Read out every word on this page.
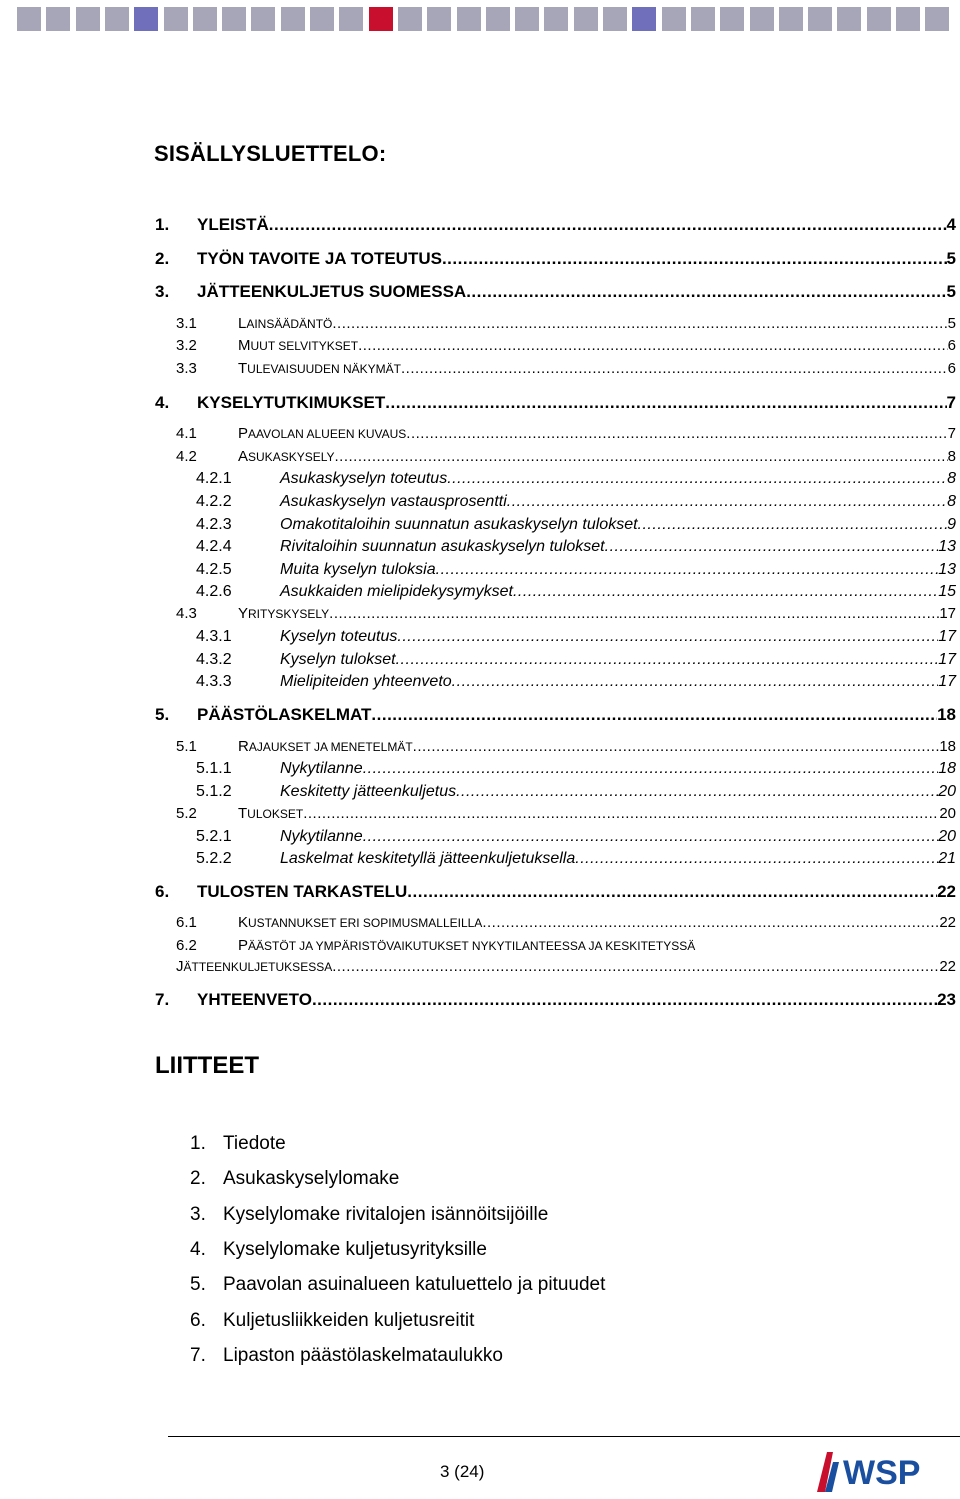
SISÄLLYSLUETTELO:
1. YLEISTÄ .....	4
2. TYÖN TAVOITE JA TOTEUTUS .....	5
3. JÄTTEENKULJETUS SUOMESSA .....	5
3.1	LAINSÄÄDÄNTÖ .....	5
3.2	MUUT SELVITYKSET .....	6
3.3	TULEVAISUUDEN NÄKYMÄT .....	6
4. KYSELYTUTKIMUKSET .....	7
4.1	PAAVOLAN ALUEEN KUVAUS .....	7
4.2	ASUKASKYSELY .....	8
4.2.1	Asukaskyselyn toteutus .....	8
4.2.2	Asukaskyselyn vastausprosentti .....	8
4.2.3	Omakotitaloihin suunnatun asukaskyselyn tulokset .....	9
4.2.4	Rivitaloihin suunnatun asukaskyselyn tulokset .....	13
4.2.5	Muita kyselyn tuloksia .....	13
4.2.6	Asukkaiden mielipidekysymykset .....	15
4.3	YRITYSKYSELY .....	17
4.3.1	Kyselyn toteutus .....	17
4.3.2	Kyselyn tulokset .....	17
4.3.3	Mielipiteiden yhteenveto .....	17
5. PÄÄSTÖLASKELMAT .....	18
5.1	RAJAUKSET JA MENETELMÄT .....	18
5.1.1	Nykytilanne .....	18
5.1.2	Keskitetty jätteenkuljetus .....	20
5.2	TULOKSET .....	20
5.2.1	Nykytilanne .....	20
5.2.2	Laskelmat keskitetyllä jätteenkuljetuksella .....	21
6. TULOSTEN TARKASTELU .....	22
6.1	KUSTANNUKSET ERI SOPIMUSMALLEILLA .....	22
6.2	PÄÄSTÖT JA YMPÄRISTÖVAIKUTUKSET NYKYTILANTEESSA JA KESKITETYSSÄ
JÄTTEENKULJETUKSESSA .....	22
7. YHTEENVETO .....	23
LIITTEET
1. Tiedote
2. Asukaskyselylomake
3. Kyselylomake rivitalojen isännöitsijöille
4. Kyselylomake kuljetusyrityksille
5. Paavolan asuinalueen katuluettelo ja pituudet
6. Kuljetusliikkeiden kuljetusreitit
7. Lipaston päästölaskelmataulukko
3 (24)	WSP
